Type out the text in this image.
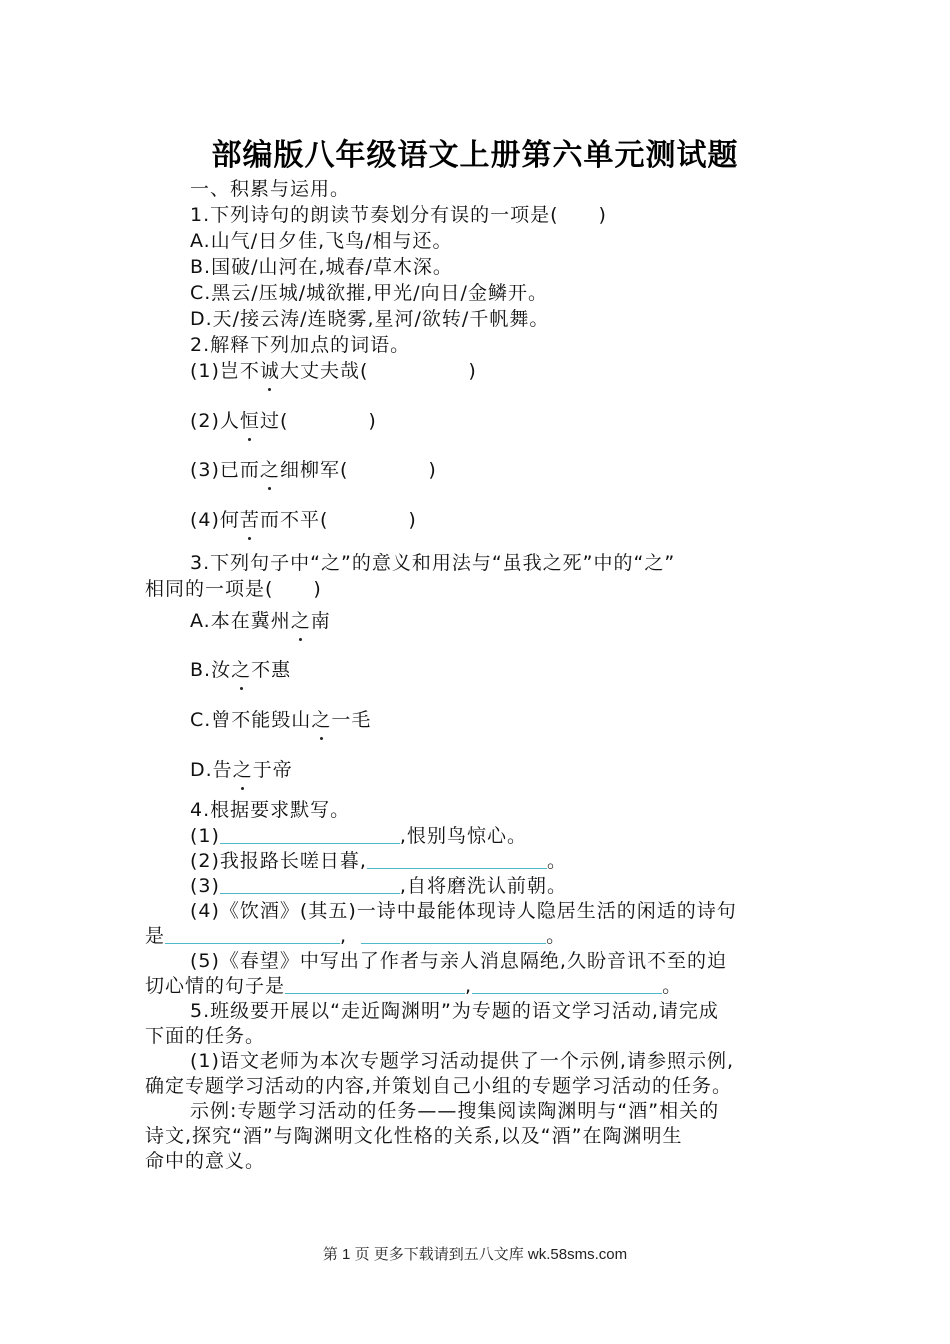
部编版八年级语文上册第六单元测试题
一、积累与运用。
1.下列诗句的朗读节奏划分有误的一项是(　　)
A.山气/日夕佳,飞鸟/相与还。
B.国破/山河在,城春/草木深。
C.黑云/压城/城欲摧,甲光/向日/金鳞开。
D.天/接云涛/连晓雾,星河/欲转/千帆舞。
2.解释下列加点的词语。
(1)岂不诚大丈夫哉(　　　　　)
(2)人恒过(　　　　)
(3)已而之细柳军(　　　　)
(4)何苦而不平(　　　　)
3.下列句子中“之”的意义和用法与“虽我之死”中的“之”
相同的一项是(　　)
A.本在冀州之南
B.汝之不惠
C.曾不能毁山之一毛
D.告之于帝
4.根据要求默写。
(1)	,恨别鸟惊心。
(2)我报路长嗟日暮,	。
(3)	,自将磨洗认前朝。
(4)《饮酒》(其五)一诗中最能体现诗人隐居生活的闲适的诗句
是	,	。
(5)《春望》中写出了作者与亲人消息隔绝,久盼音讯不至的迫
切心情的句子是	,	。
5.班级要开展以“走近陶渊明”为专题的语文学习活动,请完成
下面的任务。
(1)语文老师为本次专题学习活动提供了一个示例,请参照示例,
确定专题学习活动的内容,并策划自己小组的专题学习活动的任务。
示例:专题学习活动的任务——搜集阅读陶渊明与“酒”相关的
诗文,探究“酒”与陶渊明文化性格的关系,以及“酒”在陶渊明生
命中的意义。
第 1 页 更多下载请到五八文库 wk.58sms.com
